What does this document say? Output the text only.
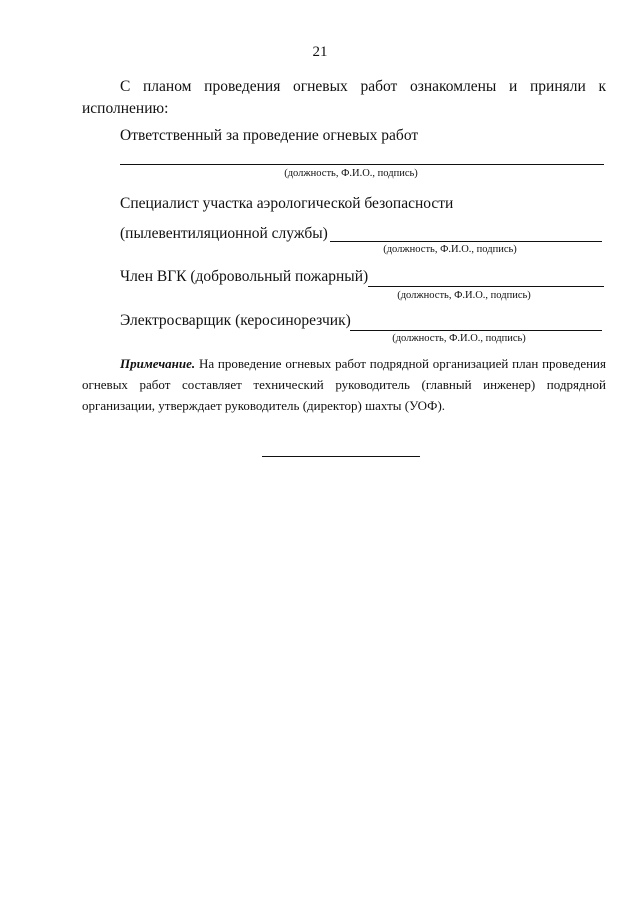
21
С планом проведения огневых работ ознакомлены и приняли к
исполнению:
Ответственный за проведение огневых работ
(должность, Ф.И.О., подпись)
Специалист участка аэрологической безопасности
(пылевентиляционной службы)
(должность, Ф.И.О., подпись)
Член ВГК (добровольный пожарный)
(должность, Ф.И.О., подпись)
Электросварщик (керосинорезчик)
(должность, Ф.И.О., подпись)
Примечание. На проведение огневых работ подрядной организацией план проведения
огневых работ составляет технический руководитель (главный инженер) подрядной
организации, утверждает руководитель (директор) шахты (УОФ).
